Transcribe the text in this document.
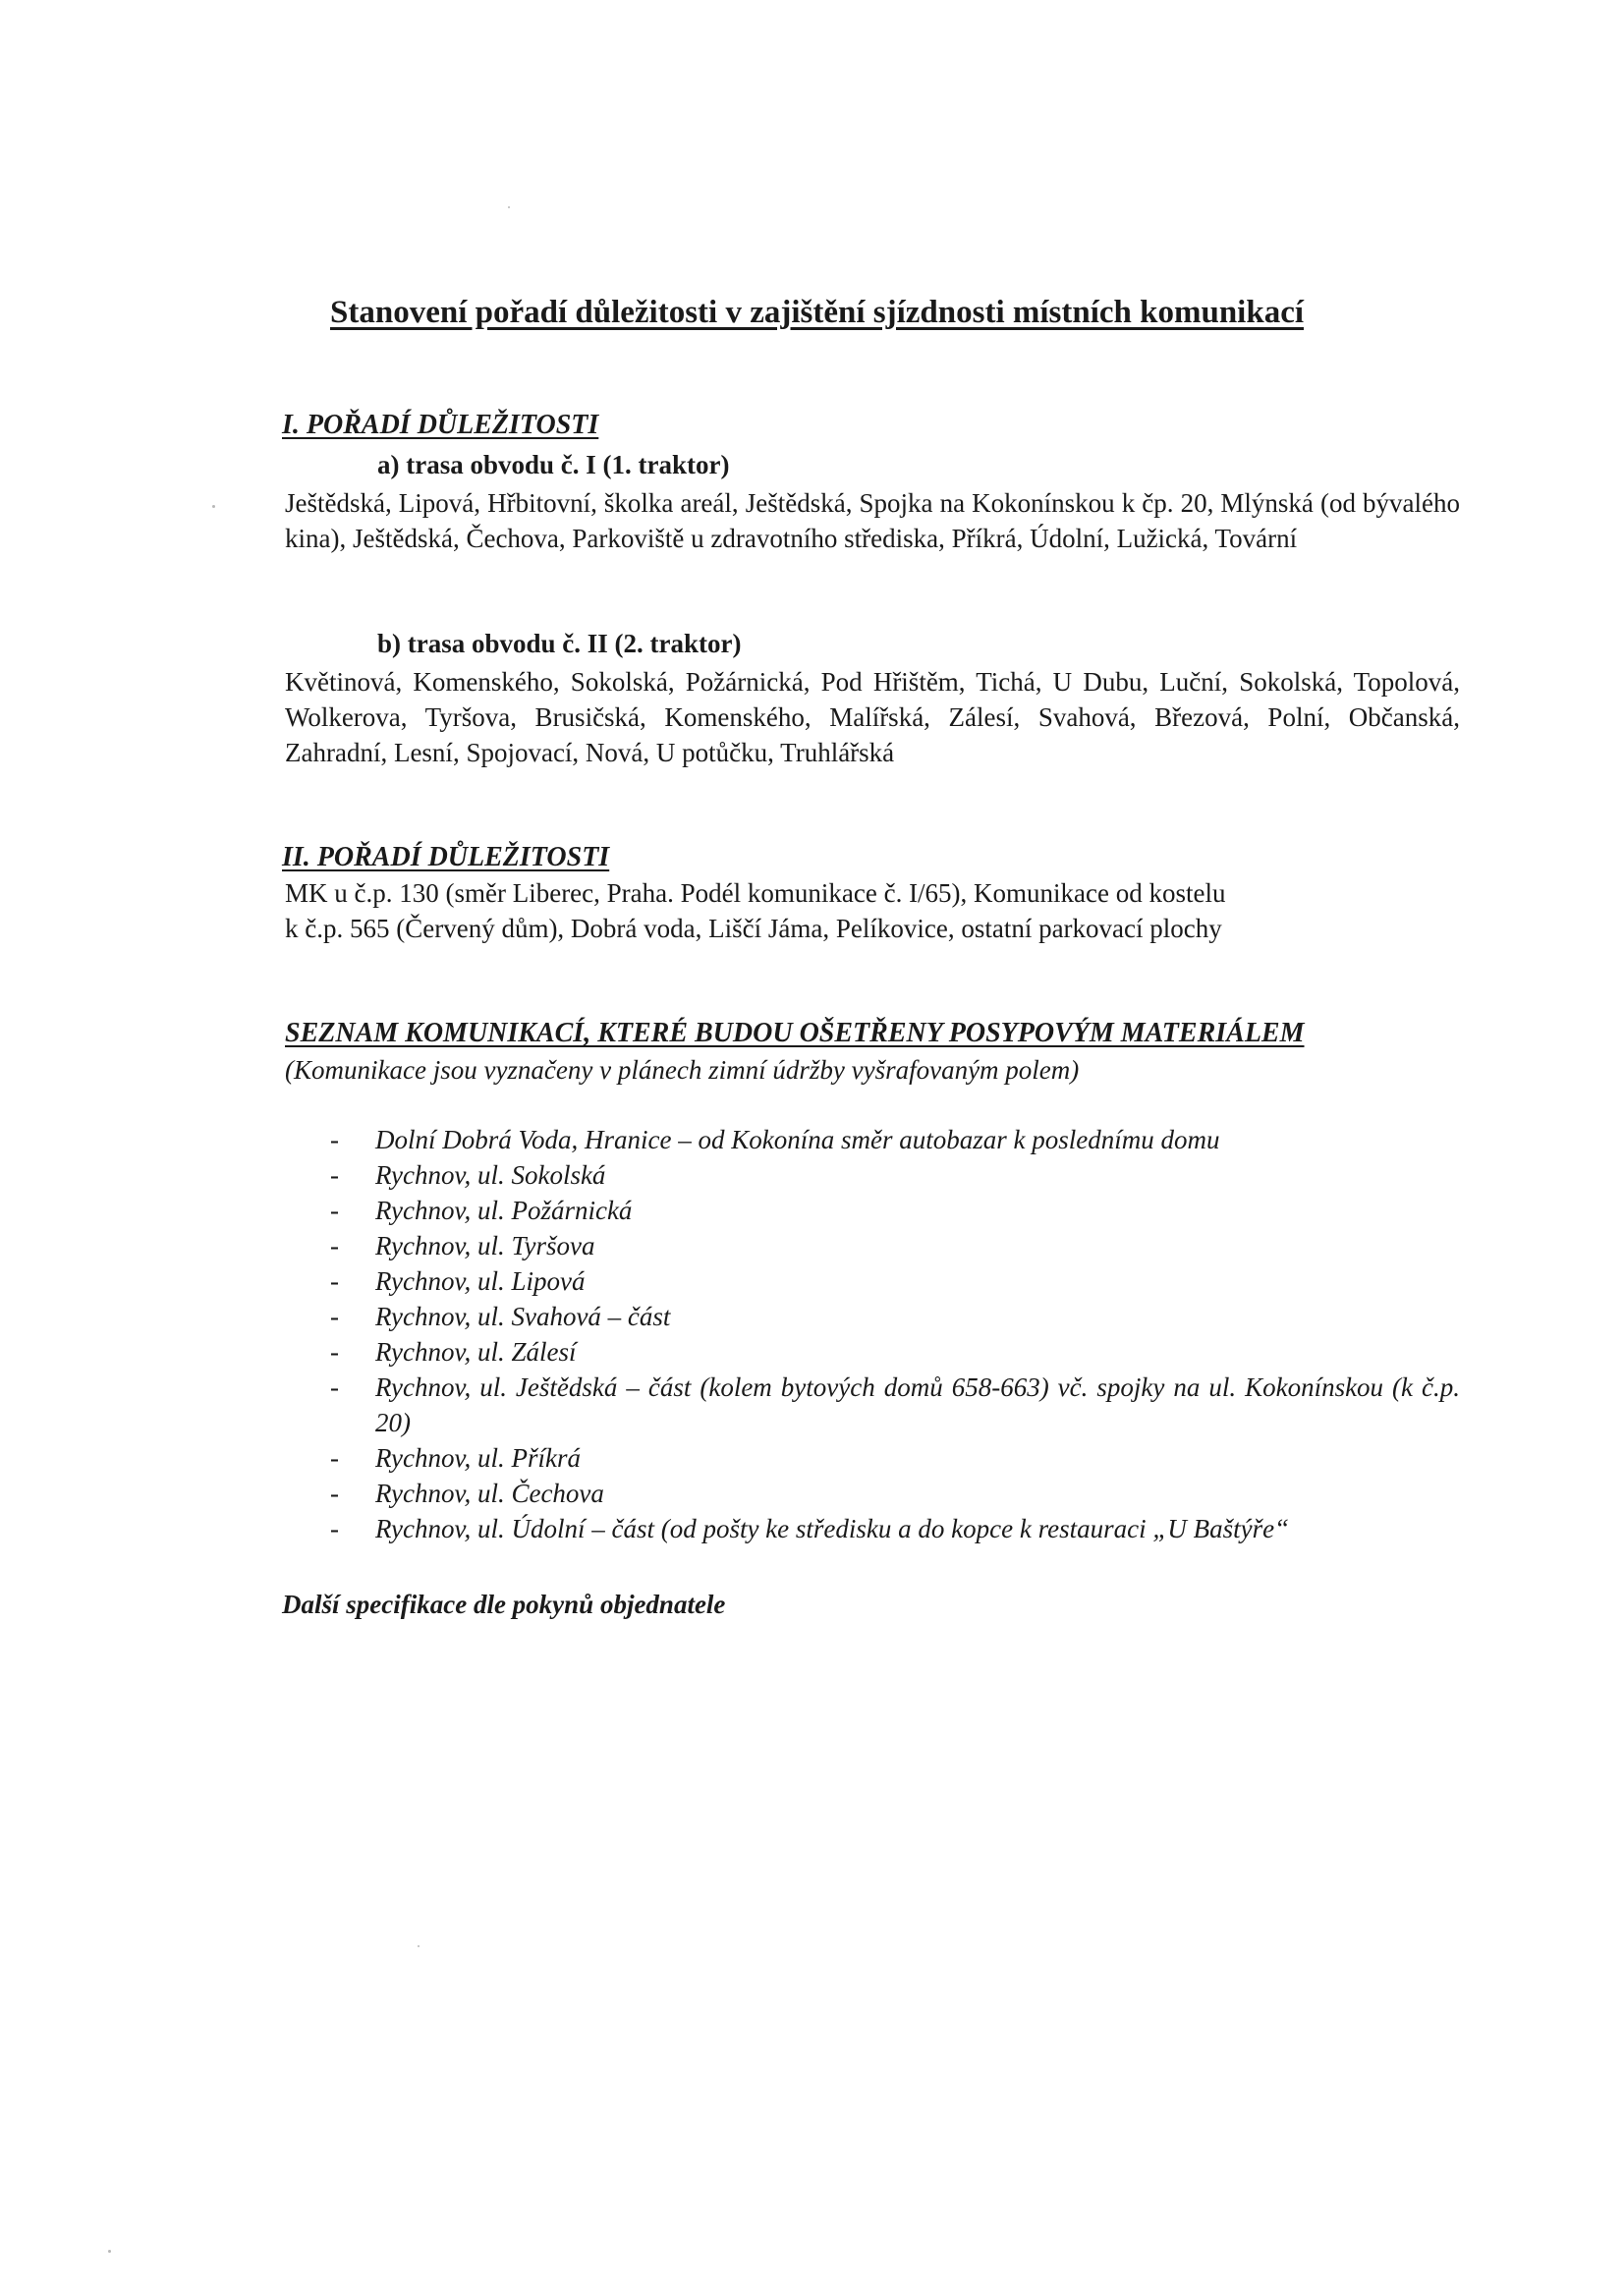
Stanovení pořadí důležitosti v zajištění sjízdnosti místních komunikací
I. POŘADÍ DŮLEŽITOSTI
a) trasa obvodu č. I (1. traktor)
Ještědská, Lipová, Hřbitovní, školka areál, Ještědská, Spojka na Kokonínskou k čp. 20, Mlýnská (od bývalého kina), Ještědská, Čechova, Parkoviště u zdravotního střediska, Příkrá, Údolní, Lužická, Tovární
b) trasa obvodu č. II (2. traktor)
Květinová, Komenského, Sokolská, Požárnická, Pod Hřištěm, Tichá, U Dubu, Luční, Sokolská, Topolová, Wolkerova, Tyršova, Brusičská, Komenského, Malířská, Zálesí, Svahová, Březová, Polní, Občanská, Zahradní, Lesní, Spojovací, Nová, U potůčku, Truhlářská
II. POŘADÍ DŮLEŽITOSTI
MK u č.p. 130 (směr Liberec, Praha. Podél komunikace č. I/65), Komunikace od kostelu
k č.p. 565 (Červený dům), Dobrá voda, Liščí Jáma, Pelíkovice, ostatní parkovací plochy
SEZNAM KOMUNIKACÍ, KTERÉ BUDOU OŠETŘENY POSYPOVÝM MATERIÁLEM
(Komunikace jsou vyznačeny v plánech zimní údržby vyšrafovaným polem)
- Dolní Dobrá Voda, Hranice – od Kokonína směr autobazar k poslednímu domu
- Rychnov, ul. Sokolská
- Rychnov, ul. Požárnická
- Rychnov, ul. Tyršova
- Rychnov, ul. Lipová
- Rychnov, ul. Svahová – část
- Rychnov, ul. Zálesí
- Rychnov, ul. Ještědská – část (kolem bytových domů 658-663) vč. spojky na ul. Kokonínskou (k č.p. 20)
- Rychnov, ul. Příkrá
- Rychnov, ul. Čechova
- Rychnov, ul. Údolní – část (od pošty ke středisku a do kopce k restauraci „U Baštýře“
Další specifikace dle pokynů objednatele
